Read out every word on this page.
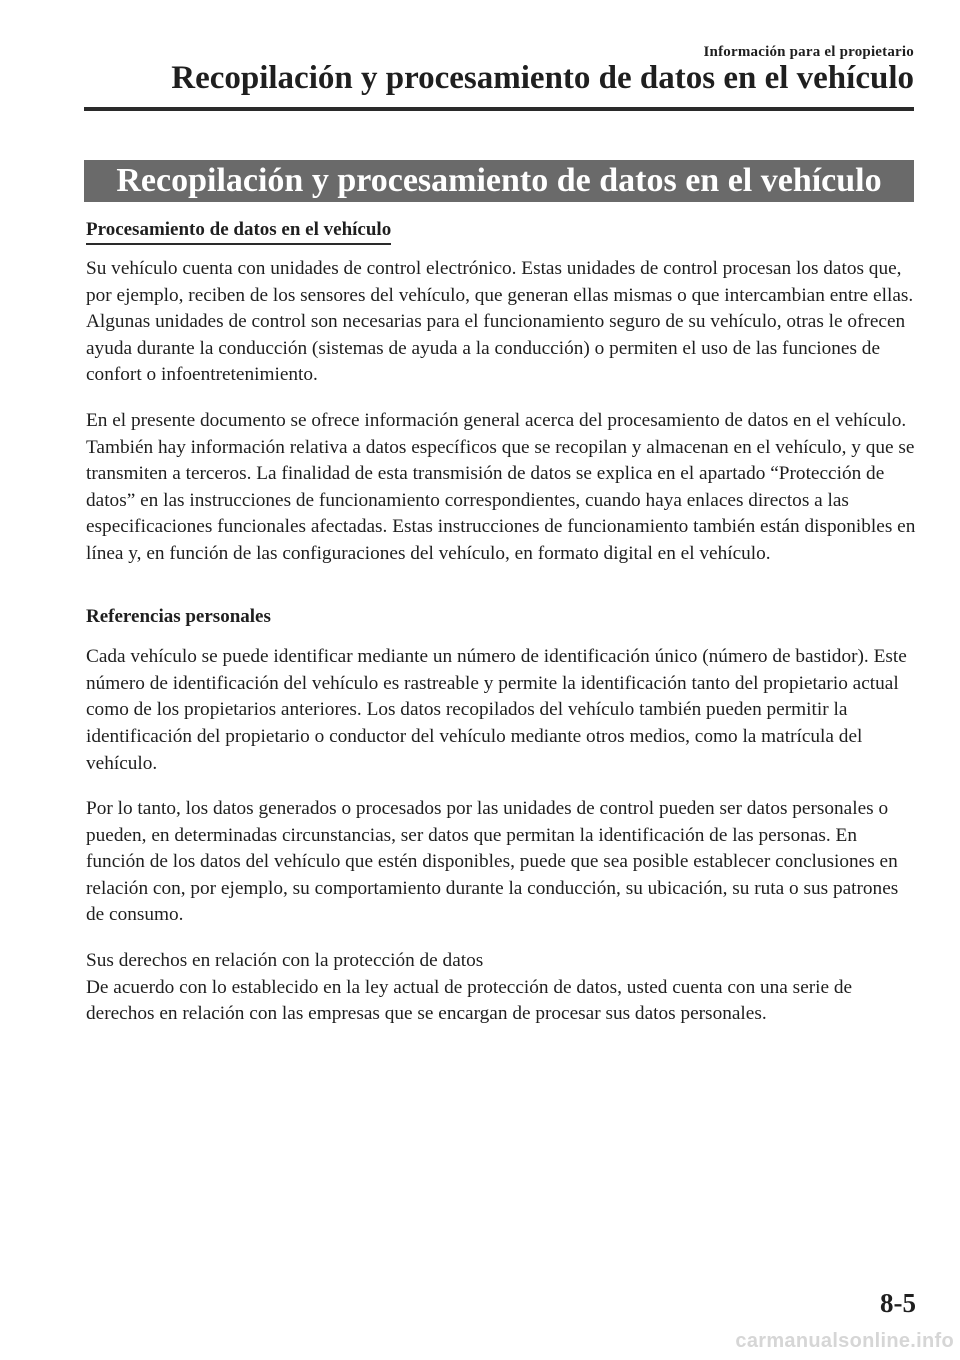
Información para el propietario
Recopilación y procesamiento de datos en el vehículo
Recopilación y procesamiento de datos en el vehículo
Procesamiento de datos en el vehículo

Su vehículo cuenta con unidades de control electrónico. Estas unidades de control procesan los datos que, por ejemplo, reciben de los sensores del vehículo, que generan ellas mismas o que intercambian entre ellas. Algunas unidades de control son necesarias para el funcionamiento seguro de su vehículo, otras le ofrecen ayuda durante la conducción (sistemas de ayuda a la conducción) o permiten el uso de las funciones de confort o infoentretenimiento.

En el presente documento se ofrece información general acerca del procesamiento de datos en el vehículo. También hay información relativa a datos específicos que se recopilan y almacenan en el vehículo, y que se transmiten a terceros. La finalidad de esta transmisión de datos se explica en el apartado “Protección de datos” en las instrucciones de funcionamiento correspondientes, cuando haya enlaces directos a las especificaciones funcionales afectadas. Estas instrucciones de funcionamiento también están disponibles en línea y, en función de las configuraciones del vehículo, en formato digital en el vehículo.

Referencias personales

Cada vehículo se puede identificar mediante un número de identificación único (número de bastidor). Este número de identificación del vehículo es rastreable y permite la identificación tanto del propietario actual como de los propietarios anteriores. Los datos recopilados del vehículo también pueden permitir la identificación del propietario o conductor del vehículo mediante otros medios, como la matrícula del vehículo.

Por lo tanto, los datos generados o procesados por las unidades de control pueden ser datos personales o pueden, en determinadas circunstancias, ser datos que permitan la identificación de las personas. En función de los datos del vehículo que estén disponibles, puede que sea posible establecer conclusiones en relación con, por ejemplo, su comportamiento durante la conducción, su ubicación, su ruta o sus patrones de consumo.

Sus derechos en relación con la protección de datos

De acuerdo con lo establecido en la ley actual de protección de datos, usted cuenta con una serie de derechos en relación con las empresas que se encargan de procesar sus datos personales.

8-5
carmanualsonline.info
